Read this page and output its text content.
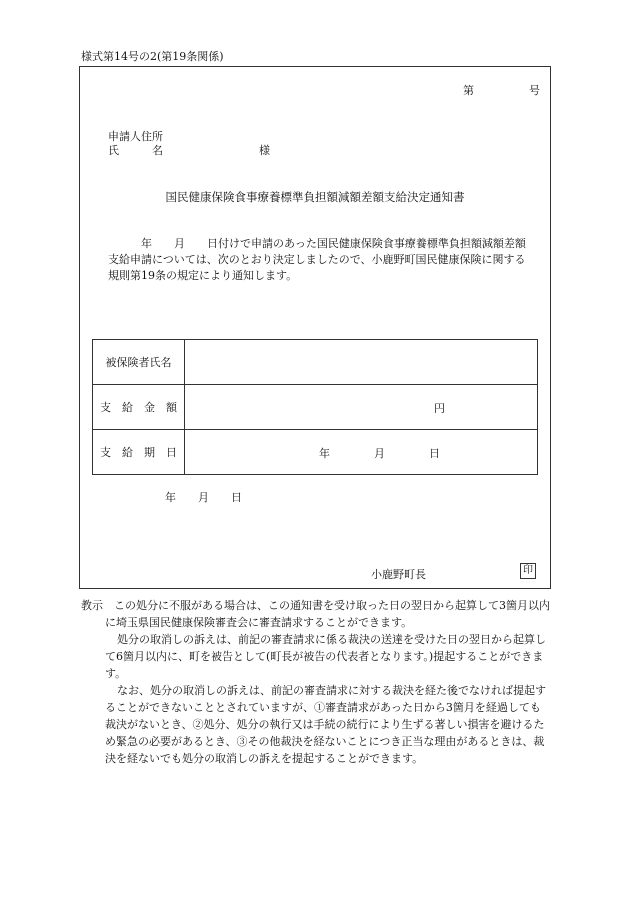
様式第14号の2(第19条関係)
第　　　　　号
申請人住所
氏　　　名	様
国民健康保険食事療養標準負担額減額差額支給決定通知書
　　　年　　月　　日付けで申請のあった国民健康保険食事療養標準負担額減額差額支給申請については、次のとおり決定しましたので、小鹿野町国民健康保険に関する規則第19条の規定により通知します。
被保険者氏名	

支　給　金　額	円

支　給　期　日	年　　　　月　　　　日
年　　月　　日
小鹿野町長	印

教示　この処分に不服がある場合は、この通知書を受け取った日の翌日から起算して3箇月以内に埼玉県国民健康保険審査会に審査請求することができます。

処分の取消しの訴えは、前記の審査請求に係る裁決の送達を受けた日の翌日から起算して6箇月以内に、町を被告として(町長が被告の代表者となります。)提起することができます。

なお、処分の取消しの訴えは、前記の審査請求に対する裁決を経た後でなければ提起することができないこととされていますが、①審査請求があった日から3箇月を経過しても裁決がないとき、②処分、処分の執行又は手続の続行により生ずる著しい損害を避けるため緊急の必要があるとき、③その他裁決を経ないことにつき正当な理由があるときは、裁決を経ないでも処分の取消しの訴えを提起することができます。
